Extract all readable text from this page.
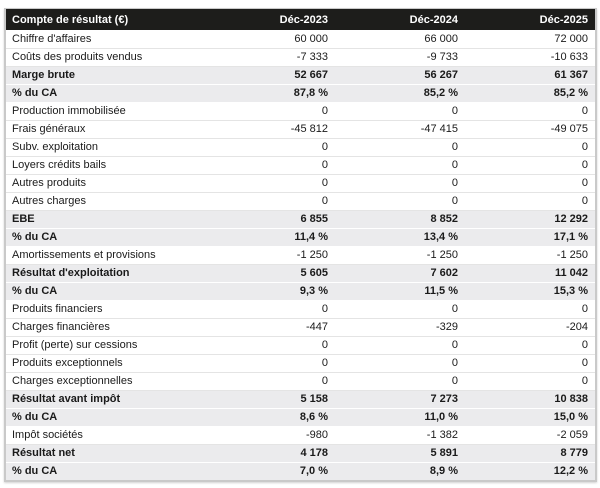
Compte de résultat (€)	Déc-2023	Déc-2024	Déc-2025
Chiffre d'affaires	60 000	66 000	72 000
Coûts des produits vendus	-7 333	-9 733	-10 633
Marge brute	52 667	56 267	61 367
% du CA	87,8 %	85,2 %	85,2 %
Production immobilisée	0	0	0
Frais généraux	-45 812	-47 415	-49 075
Subv. exploitation	0	0	0
Loyers crédits bails	0	0	0
Autres produits	0	0	0
Autres charges	0	0	0
EBE	6 855	8 852	12 292
% du CA	11,4 %	13,4 %	17,1 %
Amortissements et provisions	-1 250	-1 250	-1 250
Résultat d'exploitation	5 605	7 602	11 042
% du CA	9,3 %	11,5 %	15,3 %
Produits financiers	0	0	0
Charges financières	-447	-329	-204
Profit (perte) sur cessions	0	0	0
Produits exceptionnels	0	0	0
Charges exceptionnelles	0	0	0
Résultat avant impôt	5 158	7 273	10 838
% du CA	8,6 %	11,0 %	15,0 %
Impôt sociétés	-980	-1 382	-2 059
Résultat net	4 178	5 891	8 779
% du CA	7,0 %	8,9 %	12,2 %
